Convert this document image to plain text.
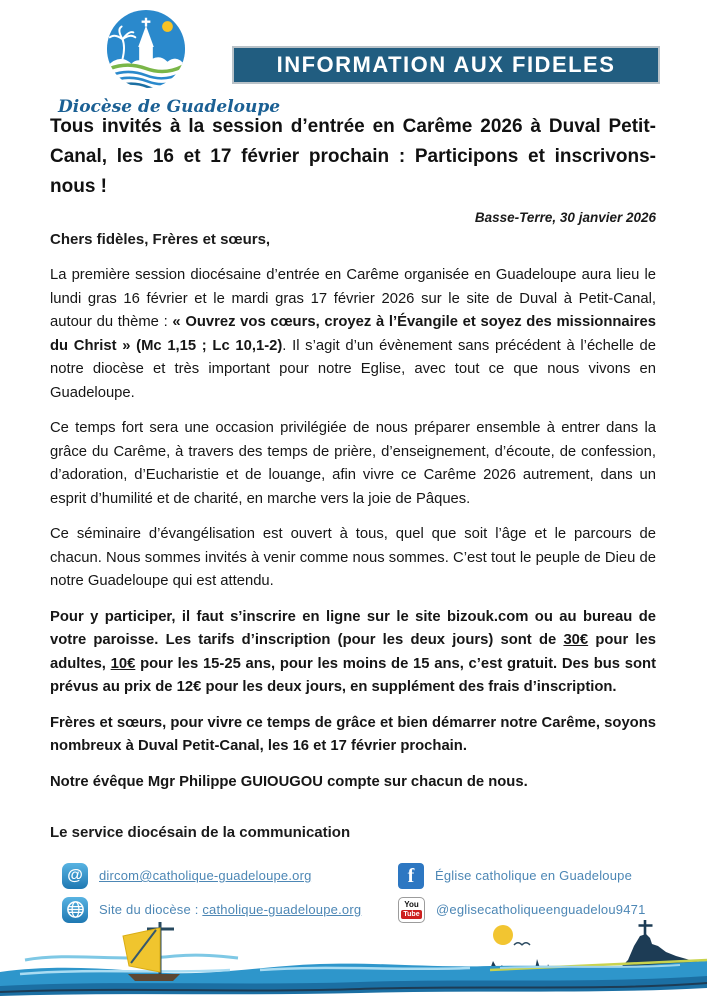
Diocèse de Guadeloupe
INFORMATION AUX FIDELES
Tous invités à la session d’entrée en Carême 2026 à Duval Petit-Canal, les 16 et 17 février prochain : Participons et inscrivons-nous !
Basse-Terre, 30 janvier 2026
Chers fidèles, Frères et sœurs,
La première session diocésaine d’entrée en Carême organisée en Guadeloupe aura lieu le lundi gras 16 février et le mardi gras 17 février 2026 sur le site de Duval à Petit-Canal, autour du thème : « Ouvrez vos cœurs, croyez à l’Évangile et soyez des missionnaires du Christ » (Mc 1,15 ; Lc 10,1-2). Il s’agit d’un évènement sans précédent à l’échelle de notre diocèse et très important pour notre Eglise, avec tout ce que nous vivons en Guadeloupe.
Ce temps fort sera une occasion privilégiée de nous préparer ensemble à entrer dans la grâce du Carême, à travers des temps de prière, d’enseignement, d’écoute, de confession, d’adoration, d’Eucharistie et de louange, afin vivre ce Carême 2026 autrement, dans un esprit d’humilité et de charité, en marche vers la joie de Pâques.
Ce séminaire d’évangélisation est ouvert à tous, quel que soit l’âge et le parcours de chacun. Nous sommes invités à venir comme nous sommes. C’est tout le peuple de Dieu de notre Guadeloupe qui est attendu.
Pour y participer, il faut s’inscrire en ligne sur le site bizouk.com ou au bureau de votre paroisse. Les tarifs d’inscription (pour les deux jours) sont de 30€ pour les adultes, 10€ pour les 15-25 ans, pour les moins de 15 ans, c’est gratuit. Des bus sont prévus au prix de 12€ pour les deux jours, en supplément des frais d’inscription.
Frères et sœurs, pour vivre ce temps de grâce et bien démarrer notre Carême, soyons nombreux à Duval Petit-Canal, les 16 et 17 février prochain.
Notre évêque Mgr Philippe GUIOUGOU compte sur chacun de nous.
Le service diocésain de la communication
@ dircom@catholique-guadeloupe.org
Site du diocèse : catholique-guadeloupe.org
f Église catholique en Guadeloupe
You
Tube @eglisecatholiqueenguadelou9471
